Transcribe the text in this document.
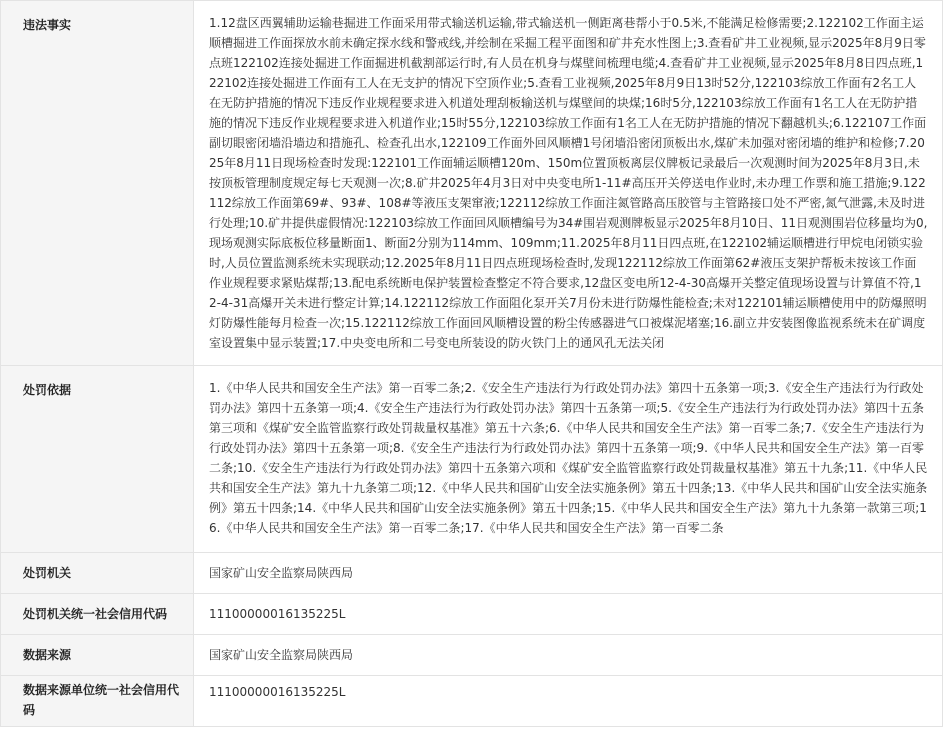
违法事实	1.12盘区西翼辅助运输巷掘进工作面采用带式输送机运输,带式输送机一侧距离巷帮小于0.5米,不能满足检修需要;2.122102工作面主运顺槽掘进工作面探放水前未确定探水线和警戒线,并绘制在采掘工程平面图和矿井充水性图上;3.查看矿井工业视频,显示2025年8月9日零点班122102连接处掘进工作面掘进机截割部运行时,有人员在机身与煤壁间梳理电缆;4.查看矿井工业视频,显示2025年8月8日四点班,122102连接处掘进工作面有工人在无支护的情况下空顶作业;5.查看工业视频,2025年8月9日13时52分,122103综放工作面有2名工人在无防护措施的情况下违反作业规程要求进入机道处理刮板输送机与煤壁间的块煤;16时5分,122103综放工作面有1名工人在无防护措施的情况下违反作业规程要求进入机道作业;15时55分,122103综放工作面有1名工人在无防护措施的情况下翻越机头;6.122107工作面副切眼密闭墙沿墙边和措施孔、检查孔出水,122109工作面外回风顺槽1号闭墙沿密闭顶板出水,煤矿未加强对密闭墙的维护和检修;7.2025年8月11日现场检查时发现:122101工作面辅运顺槽120m、150m位置顶板离层仪牌板记录最后一次观测时间为2025年8月3日,未按顶板管理制度规定每七天观测一次;8.矿井2025年4月3日对中央变电所1-11#高压开关停送电作业时,未办理工作票和施工措施;9.122112综放工作面第69#、93#、108#等液压支架窜液;122112综放工作面注氮管路高压胶管与主管路接口处不严密,氮气泄露,未及时进行处理;10.矿井提供虚假情况:122103综放工作面回风顺槽编号为34#围岩观测牌板显示2025年8月10日、11日观测围岩位移量均为0,现场观测实际底板位移量断面1、断面2分别为114mm、109mm;11.2025年8月11日四点班,在122102辅运顺槽进行甲烷电闭锁实验时,人员位置监测系统未实现联动;12.2025年8月11日四点班现场检查时,发现122112综放工作面第62#液压支架护帮板未按该工作面作业规程要求紧贴煤帮;13.配电系统断电保护装置检查整定不符合要求,12盘区变电所12-4-30高爆开关整定值现场设置与计算值不符,12-4-31高爆开关未进行整定计算;14.122112综放工作面阻化泵开关7月份未进行防爆性能检查;未对122101辅运顺槽使用中的防爆照明灯防爆性能每月检查一次;15.122112综放工作面回风顺槽设置的粉尘传感器进气口被煤泥堵塞;16.副立井安装图像监视系统未在矿调度室设置集中显示装置;17.中央变电所和二号变电所装设的防火铁门上的通风孔无法关闭

处罚依据	1.《中华人民共和国安全生产法》第一百零二条;2.《安全生产违法行为行政处罚办法》第四十五条第一项;3.《安全生产违法行为行政处罚办法》第四十五条第一项;4.《安全生产违法行为行政处罚办法》第四十五条第一项;5.《安全生产违法行为行政处罚办法》第四十五条第三项和《煤矿安全监管监察行政处罚裁量权基准》第五十六条;6.《中华人民共和国安全生产法》第一百零二条;7.《安全生产违法行为行政处罚办法》第四十五条第一项;8.《安全生产违法行为行政处罚办法》第四十五条第一项;9.《中华人民共和国安全生产法》第一百零二条;10.《安全生产违法行为行政处罚办法》第四十五条第六项和《煤矿安全监管监察行政处罚裁量权基准》第五十九条;11.《中华人民共和国安全生产法》第九十九条第二项;12.《中华人民共和国矿山安全法实施条例》第五十四条;13.《中华人民共和国矿山安全法实施条例》第五十四条;14.《中华人民共和国矿山安全法实施条例》第五十四条;15.《中华人民共和国安全生产法》第九十九条第一款第三项;16.《中华人民共和国安全生产法》第一百零二条;17.《中华人民共和国安全生产法》第一百零二条

处罚机关	国家矿山安全监察局陕西局

处罚机关统一社会信用代码	11100000016135225L

数据来源	国家矿山安全监察局陕西局

数据来源单位统一社会信用代码	11100000016135225L
